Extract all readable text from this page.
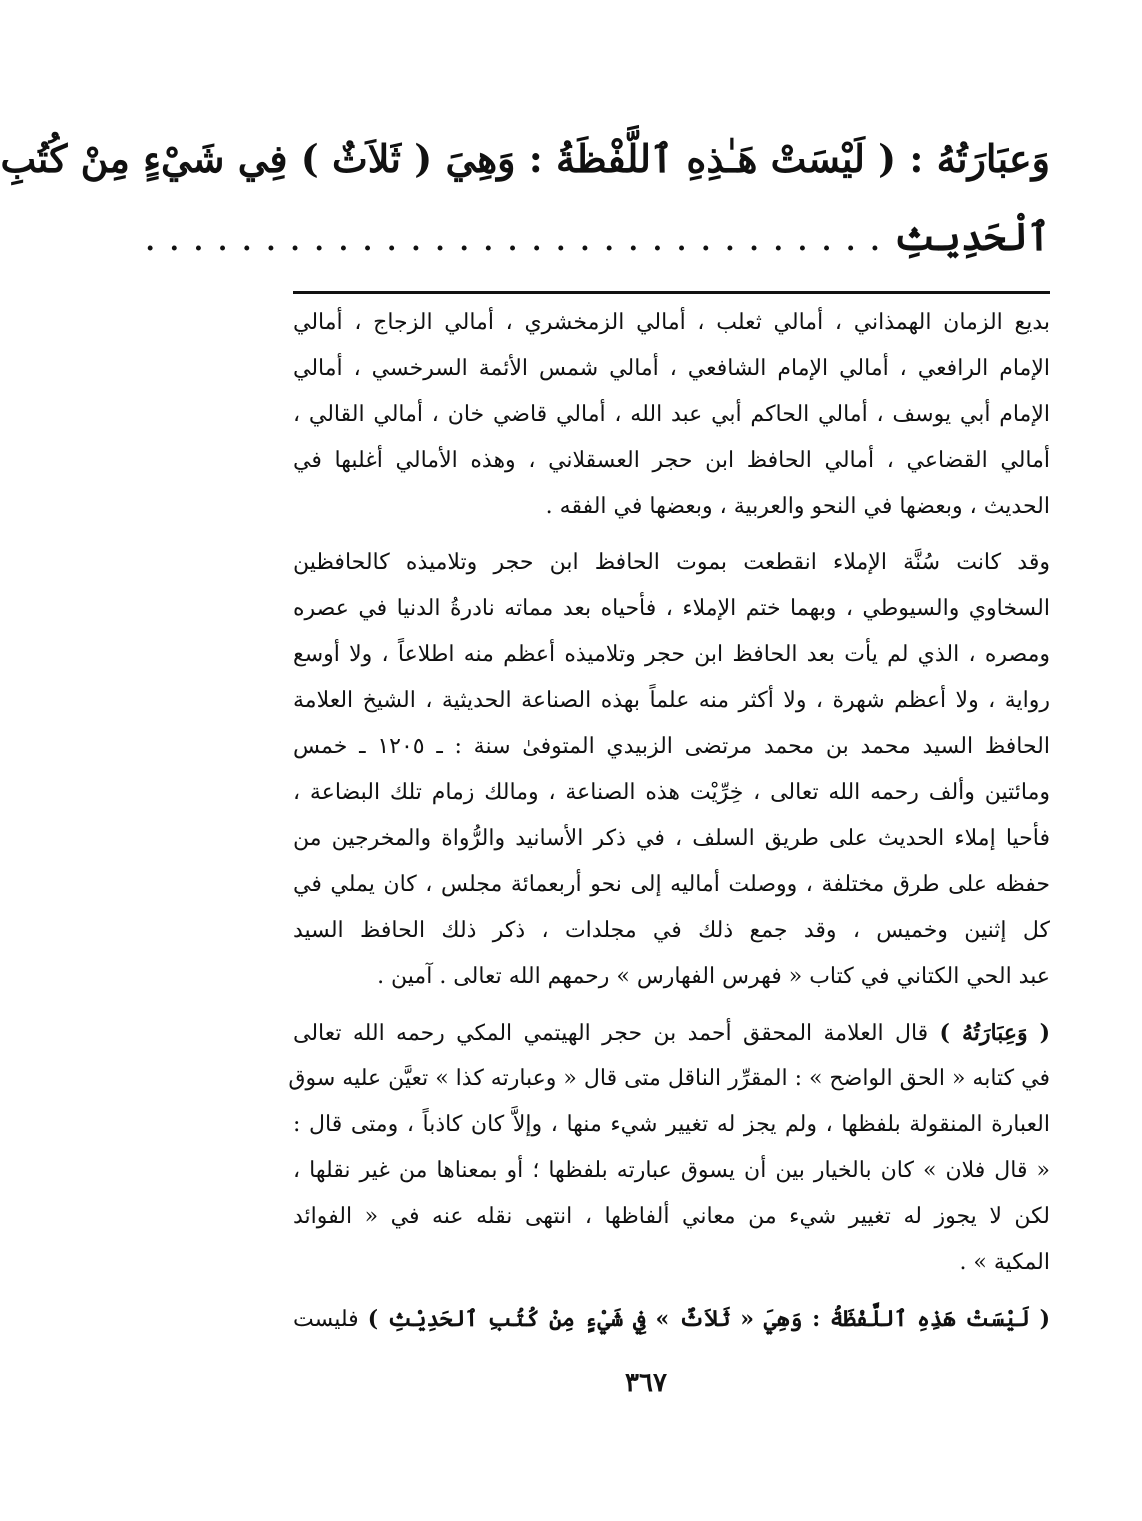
وَعبَارَتُهُ : ( لَيْسَتْ هَـٰذِهِ ٱللَّفْظَةُ : وَهِيَ ( ثَلاَثٌ ) فِي شَيْءٍ مِنْ كُتُبِ
ٱلْحَدِيثِ . . . . . . . . . . . . . . . . . . . . . . . . . . . . . . .
بديع الزمان الهمذاني ، أمالي ثعلب ، أمالي الزمخشري ، أمالي الزجاج ، أمالي
الإمام الرافعي ، أمالي الإمام الشافعي ، أمالي شمس الأئمة السرخسي ، أمالي
الإمام أبي يوسف ، أمالي الحاكم أبي عبد الله ، أمالي قاضي خان ، أمالي القالي ،
أمالي القضاعي ، أمالي الحافظ ابن حجر العسقلاني ، وهذه الأمالي أغلبها في
الحديث ، وبعضها في النحو والعربية ، وبعضها في الفقه .
وقد كانت سُنَّة الإملاء انقطعت بموت الحافظ ابن حجر وتلاميذه كالحافظين
السخاوي والسيوطي ، وبهما ختم الإملاء ، فأحياه بعد مماته نادرةُ الدنيا في عصره
ومصره ، الذي لم يأت بعد الحافظ ابن حجر وتلاميذه أعظم منه اطلاعاً ، ولا أوسع
رواية ، ولا أعظم شهرة ، ولا أكثر منه علماً بهذه الصناعة الحديثية ، الشيخ العلامة
الحافظ السيد محمد بن محمد مرتضى الزبيدي المتوفىٰ سنة : ـ ١٢٠٥ ـ خمس
ومائتين وألف رحمه الله تعالى ، خِرِّيْت هذه الصناعة ، ومالك زمام تلك البضاعة ،
فأحيا إملاء الحديث على طريق السلف ، في ذكر الأسانيد والرُّواة والمخرجين من
حفظه على طرق مختلفة ، ووصلت أماليه إلى نحو أربعمائة مجلس ، كان يملي في
كل إثنين وخميس ، وقد جمع ذلك في مجلدات ، ذكر ذلك الحافظ السيد
عبد الحي الكتاني في كتاب « فهرس الفهارس » رحمهم الله تعالى . آمين .
( وَعِبَارَتُهُ ) قال العلامة المحقق أحمد بن حجر الهيتمي المكي رحمه الله تعالى
في كتابه « الحق الواضح » : المقرِّر الناقل متى قال « وعبارته كذا » تعيَّن عليه سوق
العبارة المنقولة بلفظها ، ولم يجز له تغيير شيء منها ، وإلاَّ كان كاذباً ، ومتى قال :
« قال فلان » كان بالخيار بين أن يسوق عبارته بلفظها ؛ أو بمعناها من غير نقلها ،
لكن لا يجوز له تغيير شيء من معاني ألفاظها ، انتهى نقله عنه في « الفوائد
المكية » .
( لَيْسَتْ هَذِهِ ٱللَّفْظَةُ : وَهِيَ « ثَلاَثٌ » فِي شَيْءٍ مِنْ كُتُبِ ٱلحَدِيْثِ ) فليست
٣٦٧
